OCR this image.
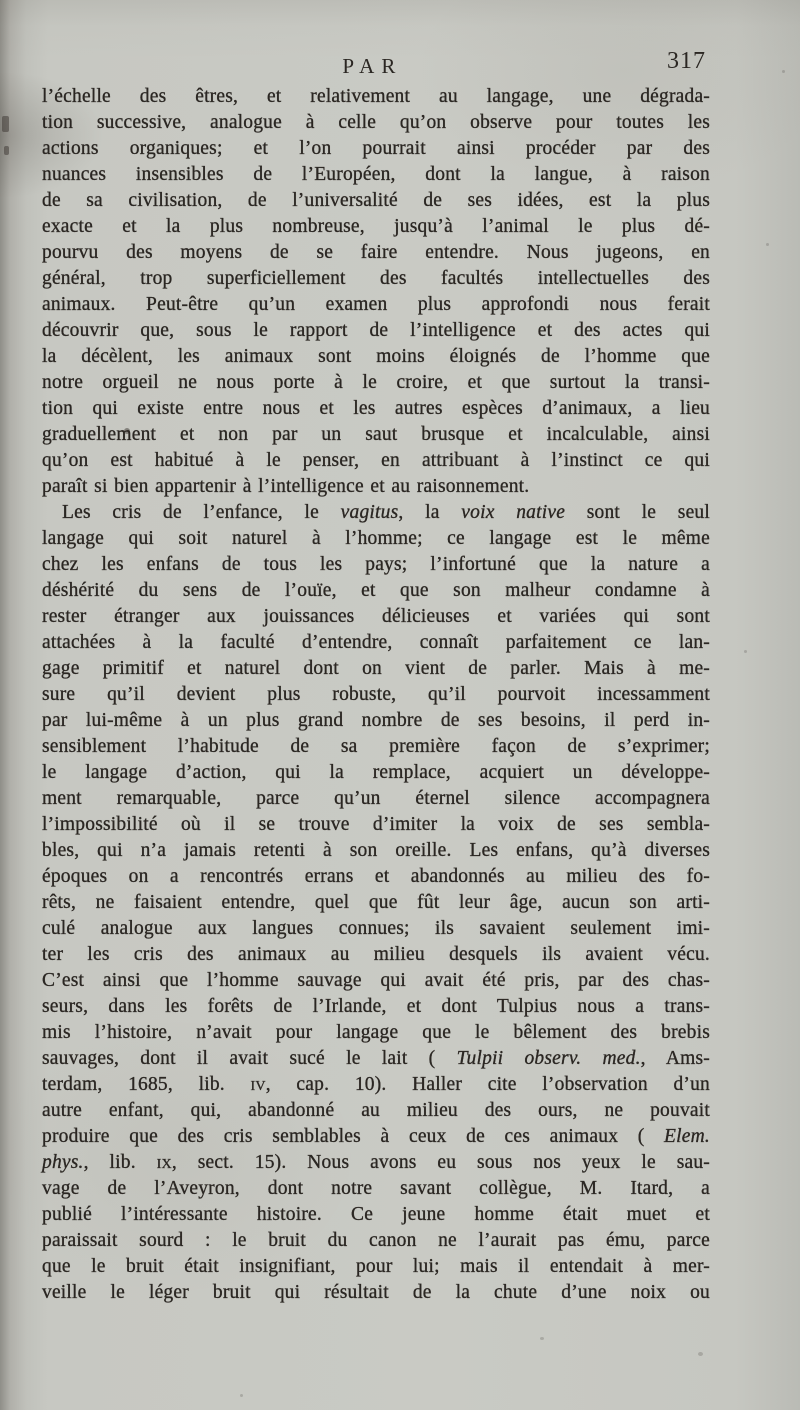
PAR	317
l’échelle des êtres, et relativement au langage, une dégrada-
tion successive, analogue à celle qu’on observe pour toutes les
actions organiques; et l’on pourrait ainsi procéder par des
nuances insensibles de l’Européen, dont la langue, à raison
de sa civilisation, de l’universalité de ses idées, est la plus
exacte et la plus nombreuse, jusqu’à l’animal le plus dé-
pourvu des moyens de se faire entendre. Nous jugeons, en
général, trop superficiellement des facultés intellectuelles des
animaux. Peut-être qu’un examen plus approfondi nous ferait
découvrir que, sous le rapport de l’intelligence et des actes qui
la décèlent, les animaux sont moins éloignés de l’homme que
notre orgueil ne nous porte à le croire, et que surtout la transi-
tion qui existe entre nous et les autres espèces d’animaux, a lieu
graduellement et non par un saut brusque et incalculable, ainsi
qu’on est habitué à le penser, en attribuant à l’instinct ce qui
paraît si bien appartenir à l’intelligence et au raisonnement.
Les cris de l’enfance, le vagitus, la voix native sont le seul
langage qui soit naturel à l’homme; ce langage est le même
chez les enfans de tous les pays; l’infortuné que la nature a
déshérité du sens de l’ouïe, et que son malheur condamne à
rester étranger aux jouissances délicieuses et variées qui sont
attachées à la faculté d’entendre, connaît parfaitement ce lan-
gage primitif et naturel dont on vient de parler. Mais à me-
sure qu’il devient plus robuste, qu’il pourvoit incessamment
par lui-même à un plus grand nombre de ses besoins, il perd in-
sensiblement l’habitude de sa première façon de s’exprimer;
le langage d’action, qui la remplace, acquiert un développe-
ment remarquable, parce qu’un éternel silence accompagnera
l’impossibilité où il se trouve d’imiter la voix de ses sembla-
bles, qui n’a jamais retenti à son oreille. Les enfans, qu’à diverses
époques on a rencontrés errans et abandonnés au milieu des fo-
rêts, ne faisaient entendre, quel que fût leur âge, aucun son arti-
culé analogue aux langues connues; ils savaient seulement imi-
ter les cris des animaux au milieu desquels ils avaient vécu.
C’est ainsi que l’homme sauvage qui avait été pris, par des chas-
seurs, dans les forêts de l’Irlande, et dont Tulpius nous a trans-
mis l’histoire, n’avait pour langage que le bêlement des brebis
sauvages, dont il avait sucé le lait ( Tulpii observ. med., Ams-
terdam, 1685, lib. iv, cap. 10). Haller cite l’observation d’un
autre enfant, qui, abandonné au milieu des ours, ne pouvait
produire que des cris semblables à ceux de ces animaux ( Elem.
phys., lib. ix, sect. 15). Nous avons eu sous nos yeux le sau-
vage de l’Aveyron, dont notre savant collègue, M. Itard, a
publié l’intéressante histoire. Ce jeune homme était muet et
paraissait sourd : le bruit du canon ne l’aurait pas ému, parce
que le bruit était insignifiant, pour lui; mais il entendait à mer-
veille le léger bruit qui résultait de la chute d’une noix ou
